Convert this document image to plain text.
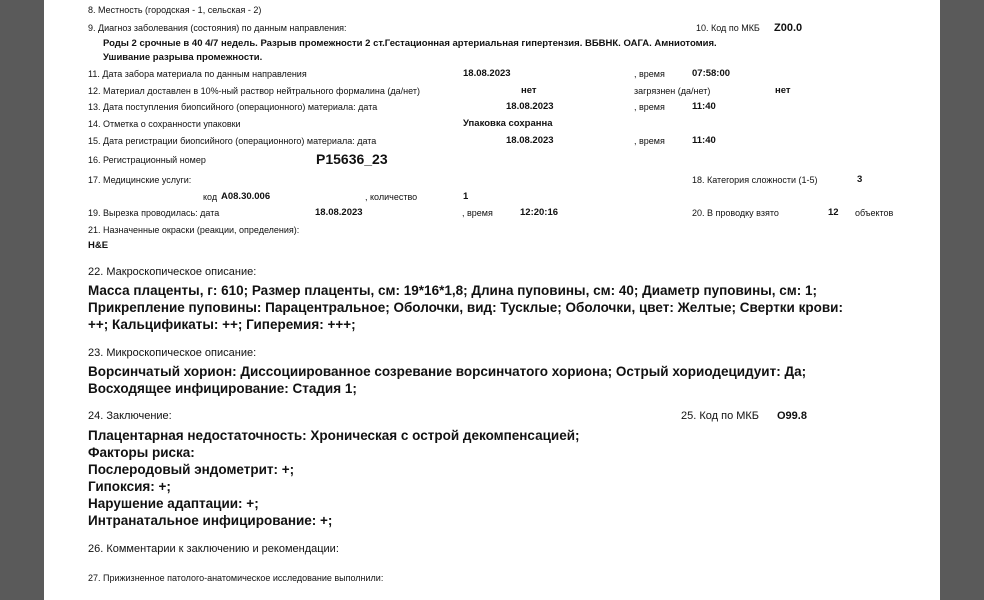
8. Местность (городская - 1, сельская - 2)
9. Диагноз заболевания (состояния) по данным направления:	10. Код по МКБ Z00.0
Роды 2 срочные в 40 4/7 недель. Разрыв промежности 2 ст.Гестационная артериальная гипертензия. ВБВНК. ОАГА. Амниотомия.
Ушивание разрыва промежности.
11. Дата забора материала по данным направления	18.08.2023	, время	07:58:00
12. Материал доставлен в 10%-ный раствор нейтрального формалина (да/нет)	нет	загрязнен (да/нет)	нет
13. Дата поступления биопсийного (операционного) материала: дата	18.08.2023	, время	11:40
14. Отметка о сохранности упаковки	Упаковка сохранна
15. Дата регистрации биопсийного (операционного) материала: дата	18.08.2023	, время	11:40
16. Регистрационный номер	P15636_23
17. Медицинские услуги:	18. Категория сложности (1-5)	3
код A08.30.006	, количество	1
19. Вырезка проводилась: дата	18.08.2023	, время	12:20:16	20. В проводку взято	12 объектов
21. Назначенные окраски (реакции, определения):
H&E
22. Макроскопическое описание:
Масса плаценты, г: 610; Размер плаценты, см: 19*16*1,8; Длина пуповины, см: 40; Диаметр пуповины, см: 1;
Прикрепление пуповины: Парацентральное; Оболочки, вид: Тусклые; Оболочки, цвет: Желтые; Свертки крови:
++; Кальцификаты: ++; Гиперемия: +++;
23. Микроскопическое описание:
Ворсинчатый хорион: Диссоциированное созревание ворсинчатого хориона; Острый хориодецидуит: Да;
Восходящее инфицирование: Стадия 1;
24. Заключение:	25. Код по МКБ O99.8
Плацентарная недостаточность: Хроническая с острой декомпенсацией;
Факторы риска:
Послеродовый эндометрит: +;
Гипоксия: +;
Нарушение адаптации: +;
Интранатальное инфицирование: +;
26. Комментарии к заключению и рекомендации:
27. Прижизненное патолого-анатомическое исследование выполнили:
